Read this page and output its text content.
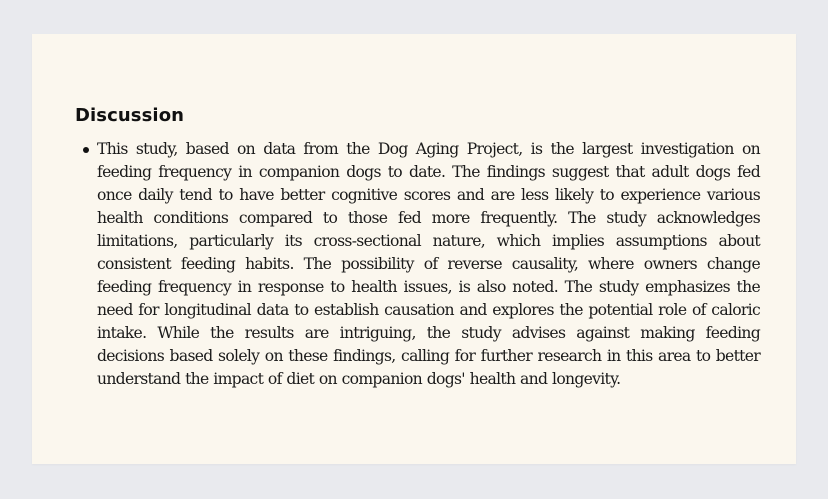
Discussion
This study, based on data from the Dog Aging Project, is the largest investigation on feeding frequency in companion dogs to date. The findings suggest that adult dogs fed once daily tend to have better cognitive scores and are less likely to experience various health conditions compared to those fed more frequently. The study acknowledges limitations, particularly its cross-sectional nature, which implies assumptions about consistent feeding habits. The possibility of reverse causality, where owners change feeding frequency in response to health issues, is also noted. The study emphasizes the need for longitudinal data to establish causation and explores the potential role of caloric intake. While the results are intriguing, the study advises against making feeding decisions based solely on these findings, calling for further research in this area to better understand the impact of diet on companion dogs' health and longevity.
